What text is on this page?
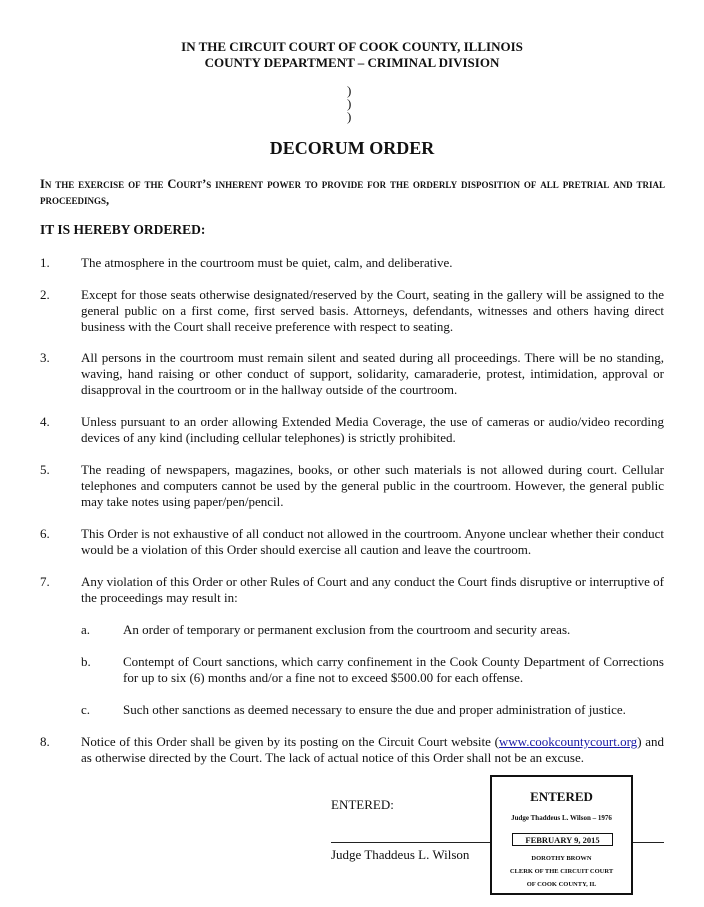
IN THE CIRCUIT COURT OF COOK COUNTY, ILLINOIS
COUNTY DEPARTMENT – CRIMINAL DIVISION
)
)
)
DECORUM ORDER
In the exercise of the Court’s inherent power to provide for the orderly disposition of all pretrial and trial proceedings,
IT IS HEREBY ORDERED:
1. The atmosphere in the courtroom must be quiet, calm, and deliberative.
2. Except for those seats otherwise designated/reserved by the Court, seating in the gallery will be assigned to the general public on a first come, first served basis. Attorneys, defendants, witnesses and others having direct business with the Court shall receive preference with respect to seating.
3. All persons in the courtroom must remain silent and seated during all proceedings. There will be no standing, waving, hand raising or other conduct of support, solidarity, camaraderie, protest, intimidation, approval or disapproval in the courtroom or in the hallway outside of the courtroom.
4. Unless pursuant to an order allowing Extended Media Coverage, the use of cameras or audio/video recording devices of any kind (including cellular telephones) is strictly prohibited.
5. The reading of newspapers, magazines, books, or other such materials is not allowed during court. Cellular telephones and computers cannot be used by the general public in the courtroom. However, the general public may take notes using paper/pen/pencil.
6. This Order is not exhaustive of all conduct not allowed in the courtroom. Anyone unclear whether their conduct would be a violation of this Order should exercise all caution and leave the courtroom.
7. Any violation of this Order or other Rules of Court and any conduct the Court finds disruptive or interruptive of the proceedings may result in:
a.	An order of temporary or permanent exclusion from the courtroom and security areas.
b. Contempt of Court sanctions, which carry confinement in the Cook County Department of Corrections for up to six (6) months and/or a fine not to exceed $500.00 for each offense.
c.	Such other sanctions as deemed necessary to ensure the due and proper administration of justice.
8. Notice of this Order shall be given by its posting on the Circuit Court website (www.cookcountycourt.org) and as otherwise directed by the Court. The lack of actual notice of this Order shall not be an excuse.
ENTERED:
Judge Thaddeus L. Wilson
ENTERED
Judge Thaddeus L. Wilson – 1976
FEBRUARY 9, 2015
DOROTHY BROWN
CLERK OF THE CIRCUIT COURT
OF COOK COUNTY, IL
